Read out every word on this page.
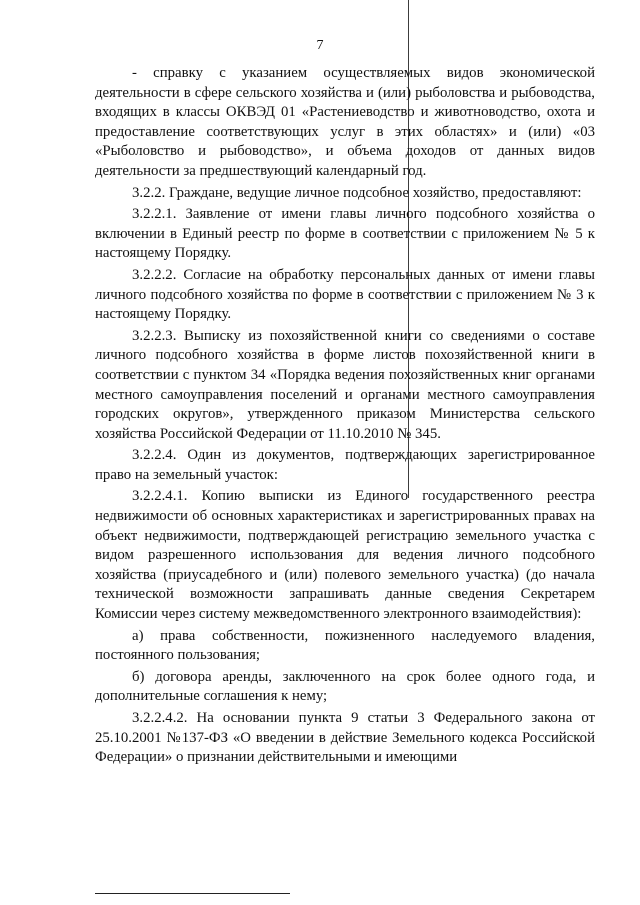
7

- справку с указанием осуществляемых видов экономической деятельности в сфере сельского хозяйства и (или) рыболовства и рыбоводства, входящих в классы ОКВЭД 01 «Растениеводство и животноводство, охота и предоставление соответствующих услуг в этих областях» и (или) «03 «Рыболовство и рыбоводство», и объема доходов от данных видов деятельности за предшествующий календарный год.

3.2.2. Граждане, ведущие личное подсобное хозяйство, предоставляют:

3.2.2.1. Заявление от имени главы личного подсобного хозяйства о включении в Единый реестр по форме в соответствии с приложением № 5 к настоящему Порядку.

3.2.2.2. Согласие на обработку персональных данных от имени главы личного подсобного хозяйства по форме в соответствии с приложением № 3 к настоящему Порядку.

3.2.2.3. Выписку из похозяйственной книги со сведениями о составе личного подсобного хозяйства в форме листов похозяйственной книги в соответствии с пунктом 34 «Порядка ведения похозяйственных книг органами местного самоуправления поселений и органами местного самоуправления городских округов», утвержденного приказом Министерства сельского хозяйства Российской Федерации от 11.10.2010 № 345.

3.2.2.4. Один из документов, подтверждающих зарегистрированное право на земельный участок:

3.2.2.4.1. Копию выписки из Единого государственного реестра недвижимости об основных характеристиках и зарегистрированных правах на объект недвижимости, подтверждающей регистрацию земельного участка с видом разрешенного использования для ведения личного подсобного хозяйства (приусадебного и (или) полевого земельного участка) (до начала технической возможности запрашивать данные сведения Секретарем Комиссии через систему межведомственного электронного взаимодействия):

а) права собственности, пожизненного наследуемого владения, постоянного пользования;

б) договора аренды, заключенного на срок более одного года, и дополнительные соглашения к нему;

3.2.2.4.2. На основании пункта 9 статьи 3 Федерального закона от 25.10.2001 №137-ФЗ «О введении в действие Земельного кодекса Российской Федерации» о признании действительными и имеющими
